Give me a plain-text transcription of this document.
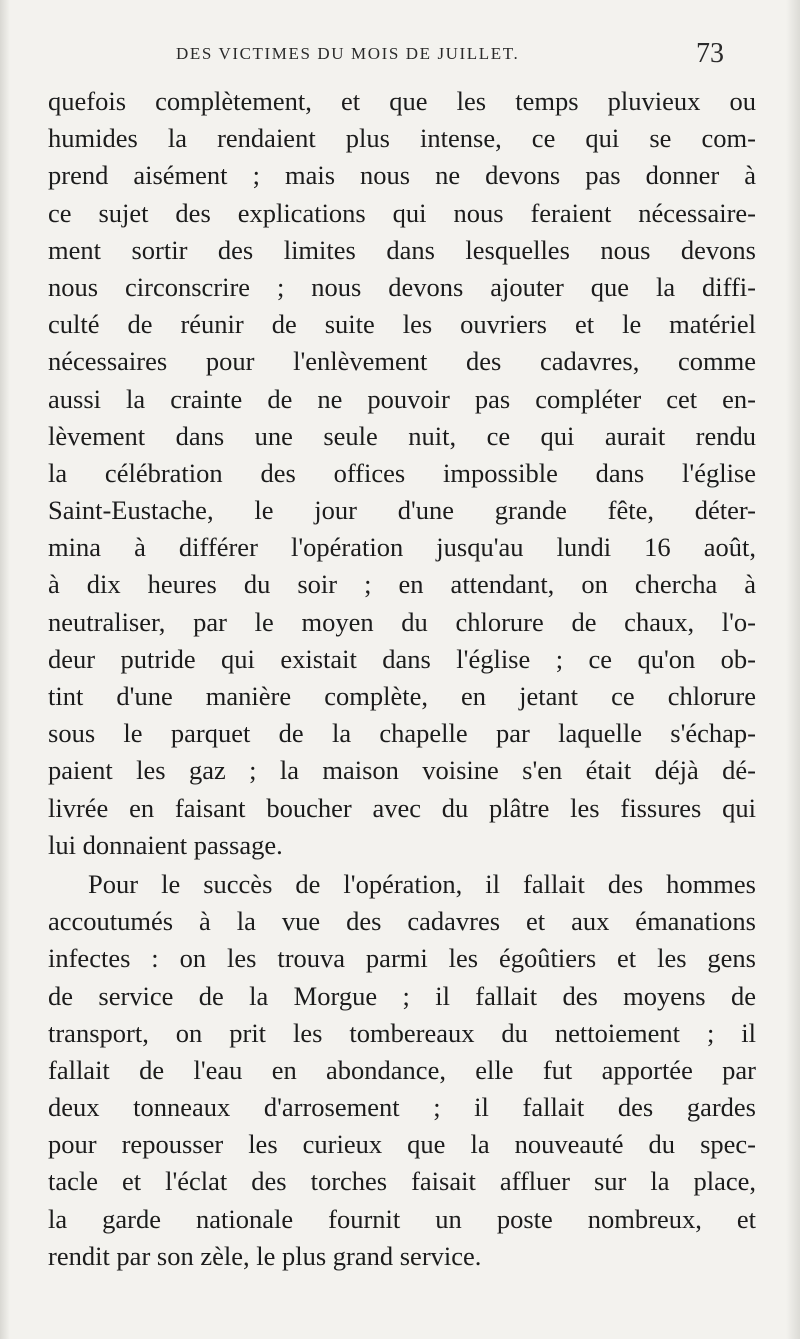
DES VICTIMES DU MOIS DE JUILLET.	73
quefois complètement, et que les temps pluvieux ou
humides la rendaient plus intense, ce qui se com-
prend aisément ; mais nous ne devons pas donner à
ce sujet des explications qui nous feraient nécessaire-
ment sortir des limites dans lesquelles nous devons
nous circonscrire ; nous devons ajouter que la diffi-
culté de réunir de suite les ouvriers et le matériel
nécessaires pour l'enlèvement des cadavres, comme
aussi la crainte de ne pouvoir pas compléter cet en-
lèvement dans une seule nuit, ce qui aurait rendu
la célébration des offices impossible dans l'église
Saint-Eustache, le jour d'une grande fête, déter-
mina à différer l'opération jusqu'au lundi 16 août,
à dix heures du soir ; en attendant, on chercha à
neutraliser, par le moyen du chlorure de chaux, l'o-
deur putride qui existait dans l'église ; ce qu'on ob-
tint d'une manière complète, en jetant ce chlorure
sous le parquet de la chapelle par laquelle s'échap-
paient les gaz ; la maison voisine s'en était déjà dé-
livrée en faisant boucher avec du plâtre les fissures qui
lui donnaient passage.
Pour le succès de l'opération, il fallait des hommes
accoutumés à la vue des cadavres et aux émanations
infectes : on les trouva parmi les égoûtiers et les gens
de service de la Morgue ; il fallait des moyens de
transport, on prit les tombereaux du nettoiement ; il
fallait de l'eau en abondance, elle fut apportée par
deux tonneaux d'arrosement ; il fallait des gardes
pour repousser les curieux que la nouveauté du spec-
tacle et l'éclat des torches faisait affluer sur la place,
la garde nationale fournit un poste nombreux, et
rendit par son zèle, le plus grand service.
